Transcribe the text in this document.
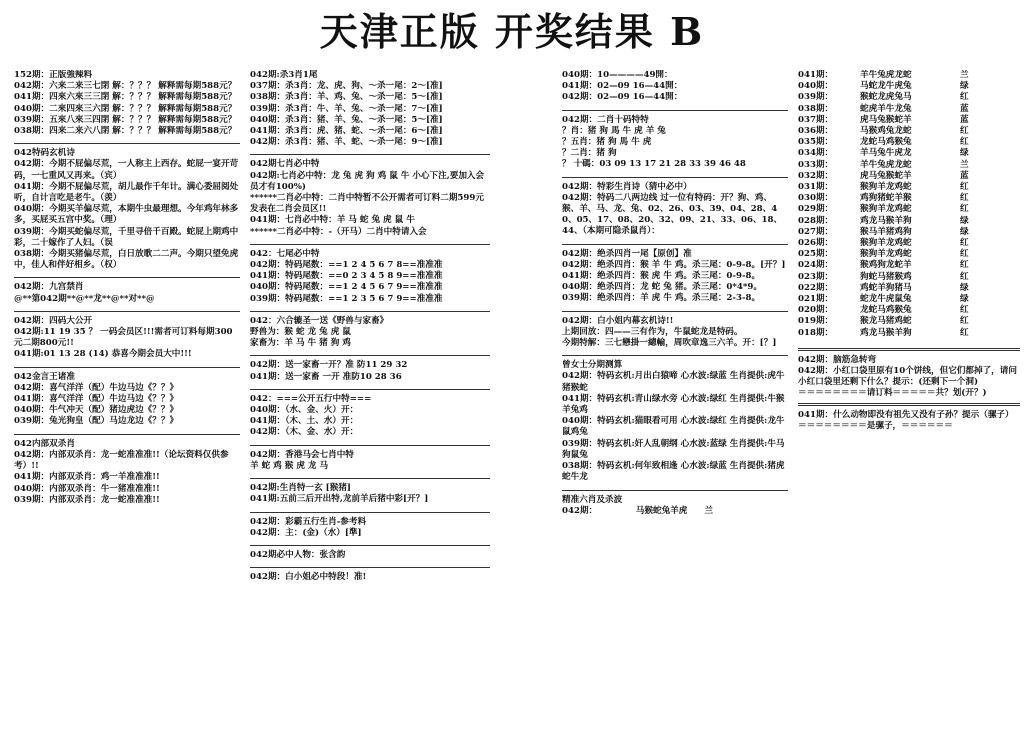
天津正版 开奖结果 B
152期：正版強辣料
042期：六来二来三七閉 解：？？？ 解释需每期588元？
041期：四來六來三三閉 解：？？？ 解释需每期588元？
040期：二來四來三六閉 解：？？？ 解释需每期588元？
039期：五來八來三四閉 解：？？？ 解释需每期588元？
038期：四来二来六八閉 解：？？？ 解释需每期588元？
042特码玄机诗
042期：今期不屁偏尽荒，一人称主上西存。蛇屁一宴开苛码，一七重风又再来。（宾）
041期：今期不屁偏尽荒，胡儿最作千年计。满心委屈阅处听，自计言吃是老牛。（羡）
040期：今期买羊偏尽荒，本期牛虫最理想。今年鸡年林多多，买屁买五宫中奖。（理）
039期：今期买蛇偏尽荒，千里寻倍千百殿。蛇屁上期鸡中彩，二十嫁作了人妇。（误
038期：今期买猪偏尽荒，白日放歌二二声。今期只望免虎中，佳人和伴好相乡。（权）
042期：九宫禁肖
@**第042期**@**龙**@**对**@
042期：四码大公开
042期:11 19 35 ？ 一码会员区!!!需者可订料每期300元二期800元!!
041期:01 13 28 (14) 恭喜今期会员大中!!!
042金言王诸准
042期：喜气洋洋（配）牛边马边《？？》
041期：喜气洋洋（配）牛边马边《？？》
040期：牛气冲天（配）猪边虎边《？？》
039期：兔光狗皇（配）马边龙边《？？》
042内部双杀肖
042期：内部双杀肖：龙一蛇准准准!!（论坛资料仅供参考）!!
041期：内部双杀肖：鸡一羊准准准!!
040期：内部双杀肖：牛一猪准准准!!
039期：内部双杀肖：龙一蛇准准准!!
042期:杀3肖1尾
037期：杀3肖：龙、虎、狗、～杀一尾：2～[准]
038期：杀3肖：羊、鸡、兔、～杀一尾：5～[准]
039期：杀3肖：牛、羊、兔、～杀一尾：7～[准]
040期：杀3肖：猪、羊、兔、～杀一尾：5～[准]
041期：杀3肖：虎、猪、蛇、～杀一尾：6～[准]
042期：杀3肖：猪、羊、蛇、～杀一尾：9～[准]
042期七肖必中特
042期:七肖必中特：龙 兔 虎 狗 鸡 鼠 牛 小心下注,要加入会员才有100%)
******二肖必中特：二肖中特暂不公开需者可订料二期599元发表在二肖会员区!!
041期：七肖必中特：羊 马 蛇 兔 虎 鼠 牛
******二肖必中特：-（开马）二肖中特请入会
042：七尾必中特
042期：特码尾数：==1 2 4 5 6 7 8==准准准
041期：特码尾数：==0 2 3 4 5 8 9==准准准
040期：特码尾数：==1 2 4 5 6 7 9==准准准
039期：特码尾数：==1 2 3 5 6 7 9==准准准
042：六合辘圣一送《野兽与家畜》
野兽为：猴 蛇 龙 兔 虎 鼠
家畜为：羊 马 牛 猪 狗 鸡
042期：送一家畜一开？准 防11 29 32
041期：送一家畜 一开 准防10 28 36
042：===公开五行中特===
040期：（水、金、火）开：
041期：（木、土、水）开：
042期：（木、金、水）开：
042期：香港马会七肖中特
羊 蛇 鸡 猴 虎 龙 马
042期:生肖特一玄 [猴猪]
041期:五前三后开出特,龙前羊后猪中彩[开？]
042期：彩霸五行生肖-参考料
042期：主：(金)（水）[準]
042期必中人物：张含韵
042期：白小姐必中特段！准!
040期：10————49開：
041期：02—09 16—44開：
042期：02—09 16—44開：
042期：二肖十码特特
？肖：猪 狗 馬 牛 虎 羊 兔
？五肖：猪 狗 馬 牛 虎
？二肖：猪 狗
？ 十碼：03 09 13 17 21 28 33 39 46 48
042期：特彩生肖诗（猜中必中）
042期：特码二八两边线 过一位有特码：开？狗、鸡、猴、羊、马、龙、兔、02、26、03、39、04、28、40、05、17、08、20、32、09、21、33、06、18、44、（本期可隐杀鼠肖）：
042期：绝杀四肖一尾【原创】准
042期：绝杀四肖：猴 羊 牛 鸡。杀三尾：0-9-8。[开？]
041期：绝杀四肖：猴 虎 牛 鸡。杀三尾：0-9-8。
040期：绝杀四肖：龙 蛇 兔 猪。杀三尾：0*4*9。
039期：绝杀四肖：羊 虎 牛 鸡。杀三尾：2-3-8。
042期：白小姐内幕玄机诗!!
上期回放：四——三有作为，牛鼠蛇龙是特码。
今期特解：三七戀掛一總輸，周吹章逸三六羊。开：[？]
曾女士分期测算
042期：特码玄机:月出白猿啼 心水波:绿蓝 生肖提供:虎牛猪猴蛇
041期：特码玄机:青山绿水旁 心水波:绿红 生肖提供:牛猴羊兔鸡
040期：特码玄机:猫眼看可用 心水波:绿红 生肖提供:龙牛鼠鸡兔
039期：特码玄机:奸人乱朝纲 心水波:蓝绿 生肖提供:牛马狗鼠兔
038期：特码玄机:何年致相逢 心水波:绿蓝 生肖提供:猪虎蛇牛龙
精准六肖及杀波
042期：　　　　　马猴蛇兔羊虎　　兰
041期：	羊牛兔虎龙蛇	兰
040期：	马蛇龙牛虎兔	绿
039期：	猴蛇龙虎兔马	红
038期：	蛇虎羊牛龙兔	蓝
037期：	虎马兔猴蛇羊	蓝
036期：	马猴鸡兔龙蛇	红
035期：	龙蛇马鸡猴兔	红
034期：	羊马兔牛虎龙	绿
033期：	羊牛兔虎龙蛇	兰
032期：	虎马兔猴蛇羊	蓝
031期：	猴狗羊龙鸡蛇	红
030期：	鸡狗猪蛇羊猴	红
029期：	猴狗羊龙鸡蛇	红
028期：	鸡龙马猴羊狗	绿
027期：	猴马羊猪鸡狗	绿
026期：	猴狗羊龙鸡蛇	红
025期：	猴狗羊龙鸡蛇	红
024期：	猴鸡狗龙蛇羊	红
023期：	狗蛇马猪猴鸡	红
022期：	鸡蛇羊狗猪马	绿
021期：	蛇龙牛虎鼠兔	绿
020期：	龙蛇马鸡猴兔	红
019期：	猴龙马猪鸡蛇	红
018期：	鸡龙马猴羊狗	红
042期：脑筋急转弯
042期：小红口袋里原有10个饼线，但它们都掉了，请问小红口袋里还剩下什么？提示：(还剩下一个洞)
＝＝＝＝＝＝＝＝请订料＝＝＝＝＝共？划(开？)
041期：什么动物即没有祖先又没有子孙？提示（骡子）
＝＝＝＝＝＝＝＝是骡子，＝＝＝＝＝＝
